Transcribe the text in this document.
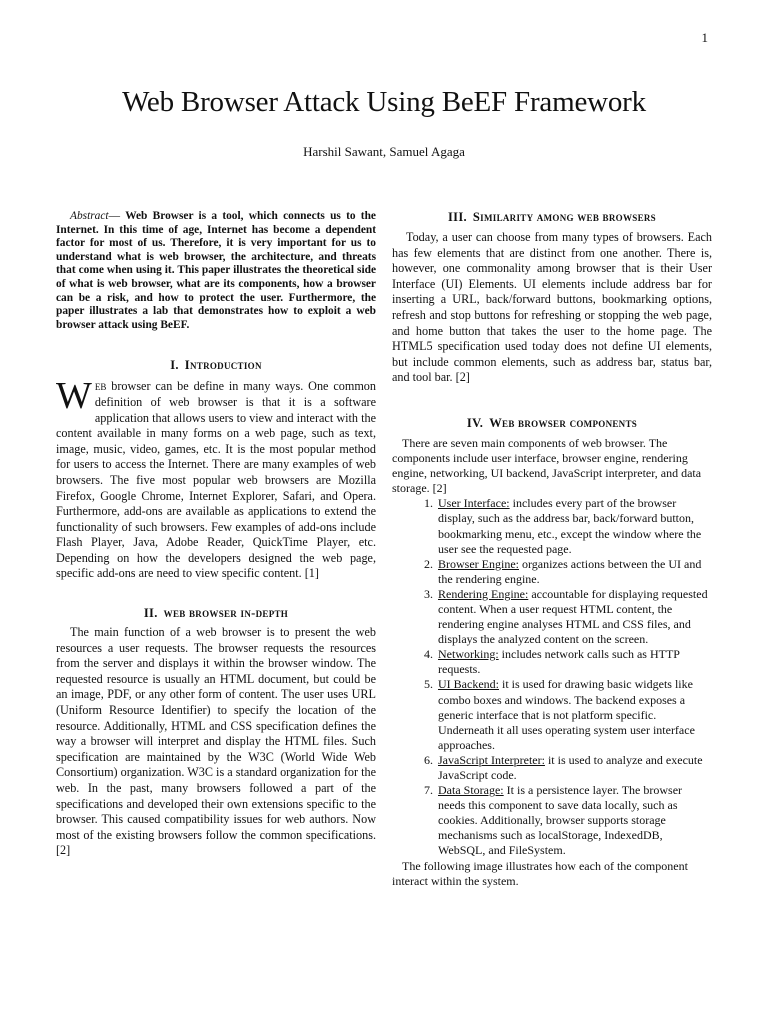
1
Web Browser Attack Using BeEF Framework
Harshil Sawant, Samuel Agaga

Abstract— Web Browser is a tool, which connects us to the Internet. In this time of age, Internet has become a dependent factor for most of us. Therefore, it is very important for us to understand what is web browser, the architecture, and threats that come when using it. This paper illustrates the theoretical side of what is web browser, what are its components, how a browser can be a risk, and how to protect the user. Furthermore, the paper illustrates a lab that demonstrates how to exploit a web browser attack using BeEF.

I. Introduction

Web browser can be define in many ways. One common definition of web browser is that it is a software application that allows users to view and interact with the content available in many forms on a web page, such as text, image, music, video, games, etc. It is the most popular method for users to access the Internet. There are many examples of web browsers. The five most popular web browsers are Mozilla Firefox, Google Chrome, Internet Explorer, Safari, and Opera. Furthermore, add-ons are available as applications to extend the functionality of such browsers. Few examples of add-ons include Flash Player, Java, Adobe Reader, QuickTime Player, etc. Depending on how the developers designed the web page, specific add-ons are need to view specific content. [1]

II. web browser in-depth

The main function of a web browser is to present the web resources a user requests. The browser requests the resources from the server and displays it within the browser window. The requested resource is usually an HTML document, but could be an image, PDF, or any other form of content. The user uses URL (Uniform Resource Identifier) to specify the location of the resource. Additionally, HTML and CSS specification defines the way a browser will interpret and display the HTML files. Such specification are maintained by the W3C (World Wide Web Consortium) organization. W3C is a standard organization for the web. In the past, many browsers followed a part of the specifications and developed their own extensions specific to the browser. This caused compatibility issues for web authors. Now most of the existing browsers follow the common specifications. [2]

III. Similarity among web browsers

Today, a user can choose from many types of browsers. Each has few elements that are distinct from one another. There is, however, one commonality among browser that is their User Interface (UI) Elements. UI elements include address bar for inserting a URL, back/forward buttons, bookmarking options, refresh and stop buttons for refreshing or stopping the web page, and home button that takes the user to the home page. The HTML5 specification used today does not define UI elements, but include common elements, such as address bar, status bar, and tool bar. [2]

IV. Web browser components

There are seven main components of web browser. The components include user interface, browser engine, rendering engine, networking, UI backend, JavaScript interpreter, and data storage. [2]

1. User Interface: includes every part of the browser display, such as the address bar, back/forward button, bookmarking menu, etc., except the window where the user see the requested page.
2. Browser Engine: organizes actions between the UI and the rendering engine.
3. Rendering Engine: accountable for displaying requested content. When a user request HTML content, the rendering engine analyses HTML and CSS files, and displays the analyzed content on the screen.
4. Networking: includes network calls such as HTTP requests.
5. UI Backend: it is used for drawing basic widgets like combo boxes and windows. The backend exposes a generic interface that is not platform specific. Underneath it all uses operating system user interface approaches.
6. JavaScript Interpreter: it is used to analyze and execute JavaScript code.
7. Data Storage: It is a persistence layer. The browser needs this component to save data locally, such as cookies. Additionally, browser supports storage mechanisms such as localStorage, IndexedDB, WebSQL, and FileSystem.

The following image illustrates how each of the component interact within the system.
